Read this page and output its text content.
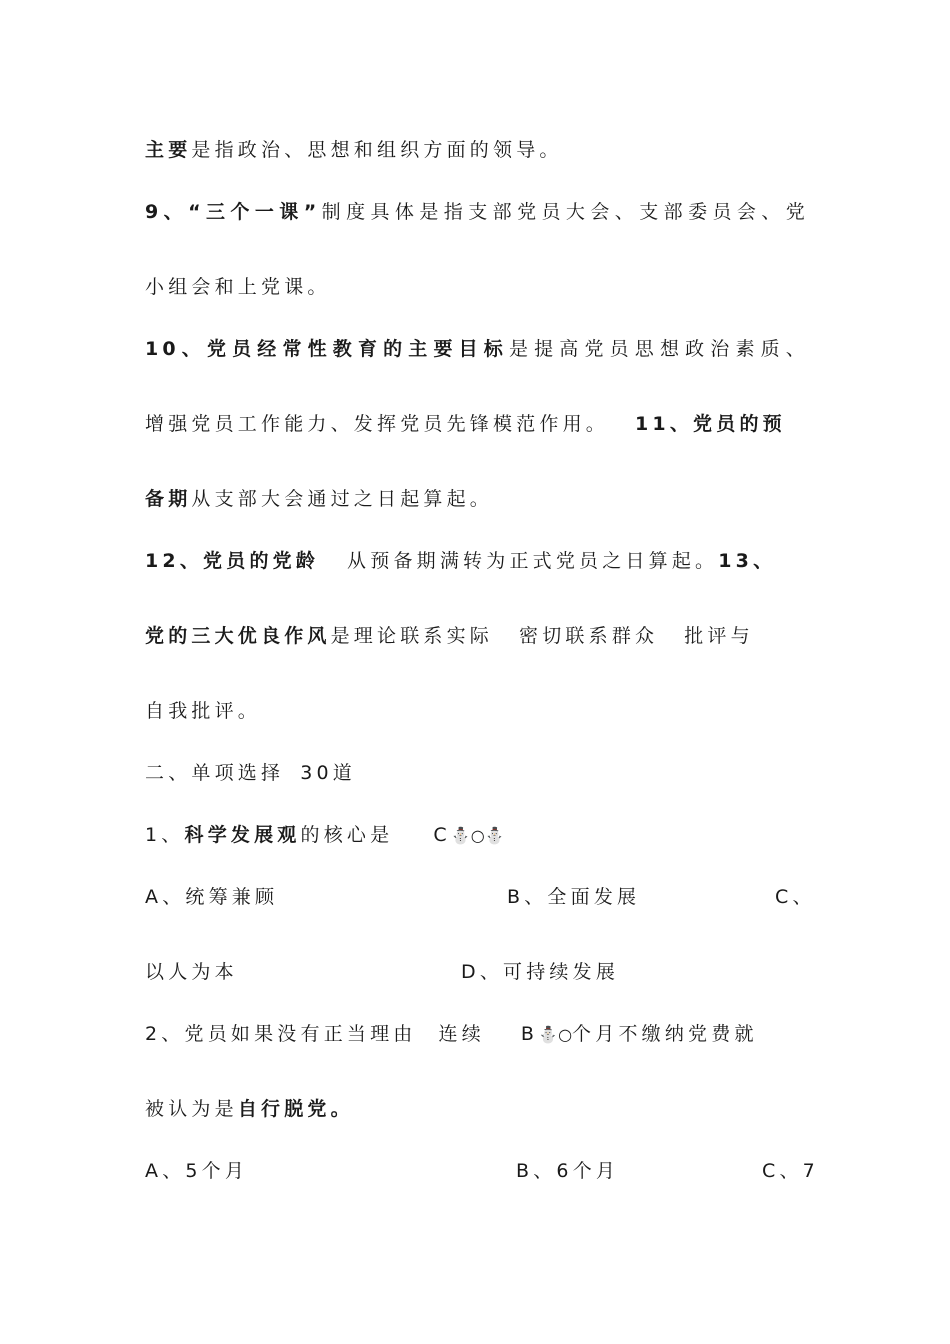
主要是指政治、思想和组织方面的领导。
9、“三个一课”制度具体是指支部党员大会、支部委员会、党
小组会和上党课。
10、党员经常性教育的主要目标是提高党员思想政治素质、
增强党员工作能力、发挥党员先锋模范作用。 11、党员的预
备期从支部大会通过之日起算起。
12、党员的党龄 从预备期满转为正式党员之日算起。13、
党的三大优良作风是理论联系实际 密切联系群众 批评与
自我批评。
二、单项选择 30道
1、科学发展观的核心是 C⛄○⛄
A、统筹兼顾	B、全面发展	C、
以人为本	D、可持续发展
2、党员如果没有正当理由 连续 B⛄○个月不缴纳党费就
被认为是自行脱党。
A、5个月	B、6个月	C、7
